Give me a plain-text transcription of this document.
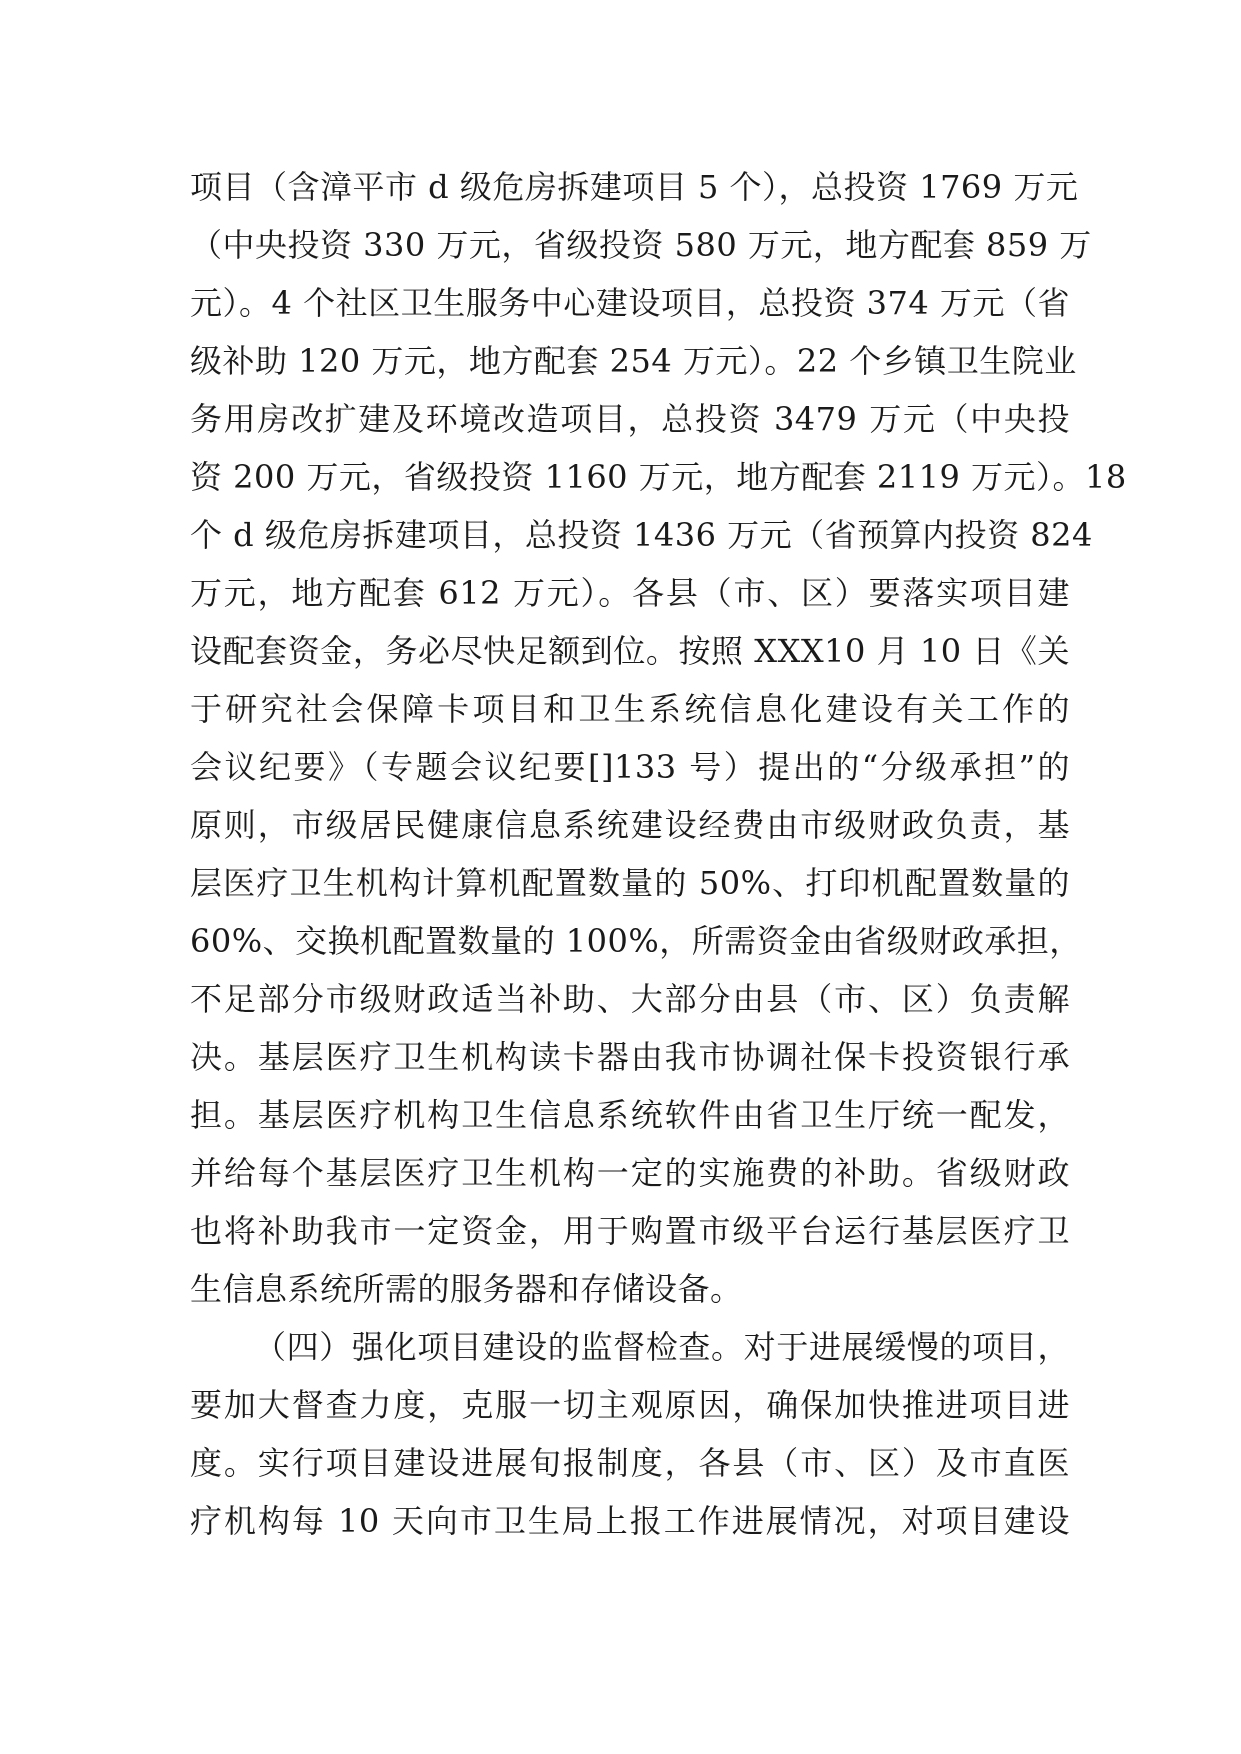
项目（含漳平市 d 级危房拆建项目 5 个），总投资 1769 万元
（中央投资 330 万元，省级投资 580 万元，地方配套 859 万
元）。4 个社区卫生服务中心建设项目，总投资 374 万元（省
级补助 120 万元，地方配套 254 万元）。22 个乡镇卫生院业
务用房改扩建及环境改造项目，总投资 3479 万元（中央投
资 200 万元，省级投资 1160 万元，地方配套 2119 万元）。18
个 d 级危房拆建项目，总投资 1436 万元（省预算内投资 824
万元，地方配套 612 万元）。各县（市、区）要落实项目建
设配套资金，务必尽快足额到位。按照 XXX10 月 10 日《关
于研究社会保障卡项目和卫生系统信息化建设有关工作的
会议纪要》（专题会议纪要[]133 号）提出的“分级承担”的
原则，市级居民健康信息系统建设经费由市级财政负责，基
层医疗卫生机构计算机配置数量的 50%、打印机配置数量的
60%、交换机配置数量的 100%，所需资金由省级财政承担，
不足部分市级财政适当补助、大部分由县（市、区）负责解
决。基层医疗卫生机构读卡器由我市协调社保卡投资银行承
担。基层医疗机构卫生信息系统软件由省卫生厅统一配发，
并给每个基层医疗卫生机构一定的实施费的补助。省级财政
也将补助我市一定资金，用于购置市级平台运行基层医疗卫
生信息系统所需的服务器和存储设备。
（四）强化项目建设的监督检查。对于进展缓慢的项目，
要加大督查力度，克服一切主观原因，确保加快推进项目进
度。实行项目建设进展旬报制度，各县（市、区）及市直医
疗机构每 10 天向市卫生局上报工作进展情况，对项目建设
